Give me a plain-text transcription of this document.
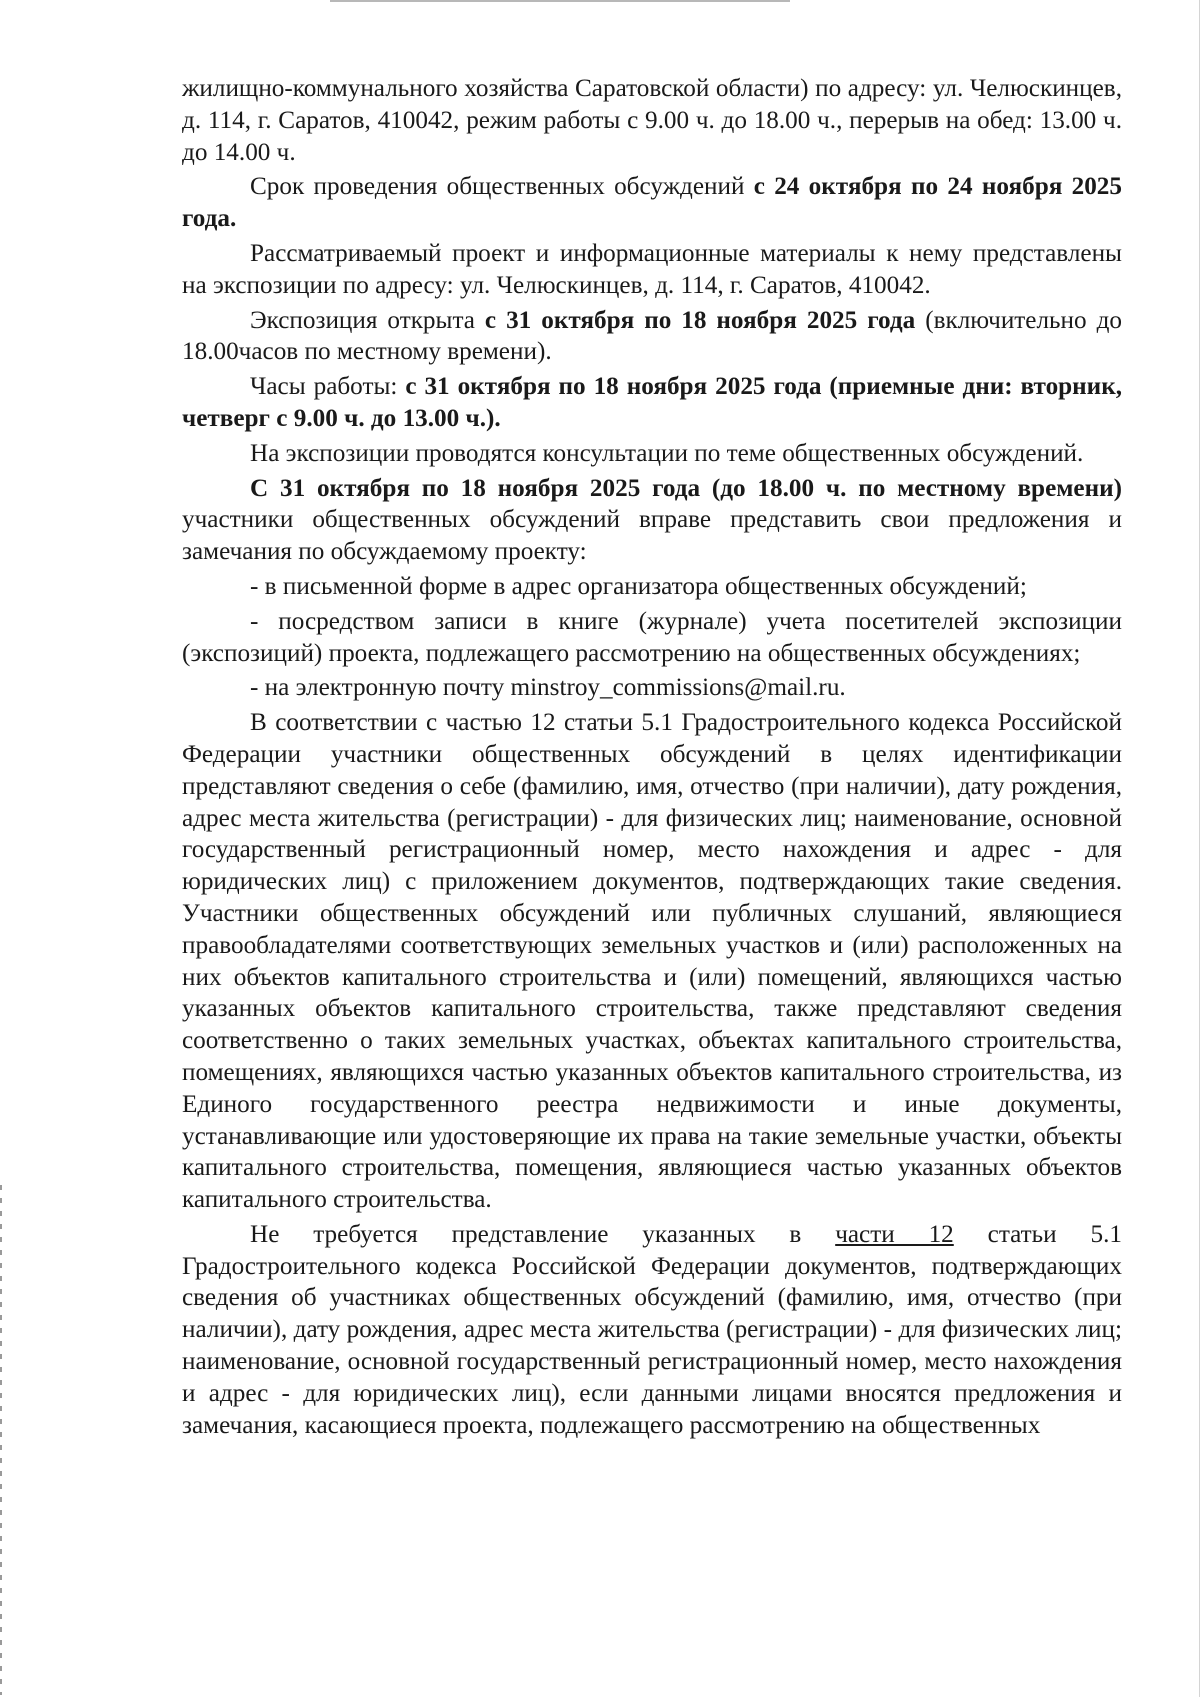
жилищно-коммунального хозяйства Саратовской области) по адресу: ул. Челюскинцев, д. 114, г. Саратов, 410042, режим работы с 9.00 ч. до 18.00 ч., перерыв на обед: 13.00 ч. до 14.00 ч.

Срок проведения общественных обсуждений с 24 октября по 24 ноября 2025 года.

Рассматриваемый проект и информационные материалы к нему представлены на экспозиции по адресу: ул. Челюскинцев, д. 114, г. Саратов, 410042.

Экспозиция открыта с 31 октября по 18 ноября 2025 года (включительно до 18.00часов по местному времени).

Часы работы: с 31 октября по 18 ноября 2025 года (приемные дни: вторник, четверг с 9.00 ч. до 13.00 ч.).

На экспозиции проводятся консультации по теме общественных обсуждений.

С 31 октября по 18 ноября 2025 года (до 18.00 ч. по местному времени) участники общественных обсуждений вправе представить свои предложения и замечания по обсуждаемому проекту:

- в письменной форме в адрес организатора общественных обсуждений;

- посредством записи в книге (журнале) учета посетителей экспозиции (экспозиций) проекта, подлежащего рассмотрению на общественных обсуждениях;

- на электронную почту minstroy_commissions@mail.ru.

В соответствии с частью 12 статьи 5.1 Градостроительного кодекса Российской Федерации участники общественных обсуждений в целях идентификации представляют сведения о себе (фамилию, имя, отчество (при наличии), дату рождения, адрес места жительства (регистрации) - для физических лиц; наименование, основной государственный регистрационный номер, место нахождения и адрес - для юридических лиц) с приложением документов, подтверждающих такие сведения. Участники общественных обсуждений или публичных слушаний, являющиеся правообладателями соответствующих земельных участков и (или) расположенных на них объектов капитального строительства и (или) помещений, являющихся частью указанных объектов капитального строительства, также представляют сведения соответственно о таких земельных участках, объектах капитального строительства, помещениях, являющихся частью указанных объектов капитального строительства, из Единого государственного реестра недвижимости и иные документы, устанавливающие или удостоверяющие их права на такие земельные участки, объекты капитального строительства, помещения, являющиеся частью указанных объектов капитального строительства.

Не требуется представление указанных в части 12 статьи 5.1 Градостроительного кодекса Российской Федерации документов, подтверждающих сведения об участниках общественных обсуждений (фамилию, имя, отчество (при наличии), дату рождения, адрес места жительства (регистрации) - для физических лиц; наименование, основной государственный регистрационный номер, место нахождения и адрес - для юридических лиц), если данными лицами вносятся предложения и замечания, касающиеся проекта, подлежащего рассмотрению на общественных
